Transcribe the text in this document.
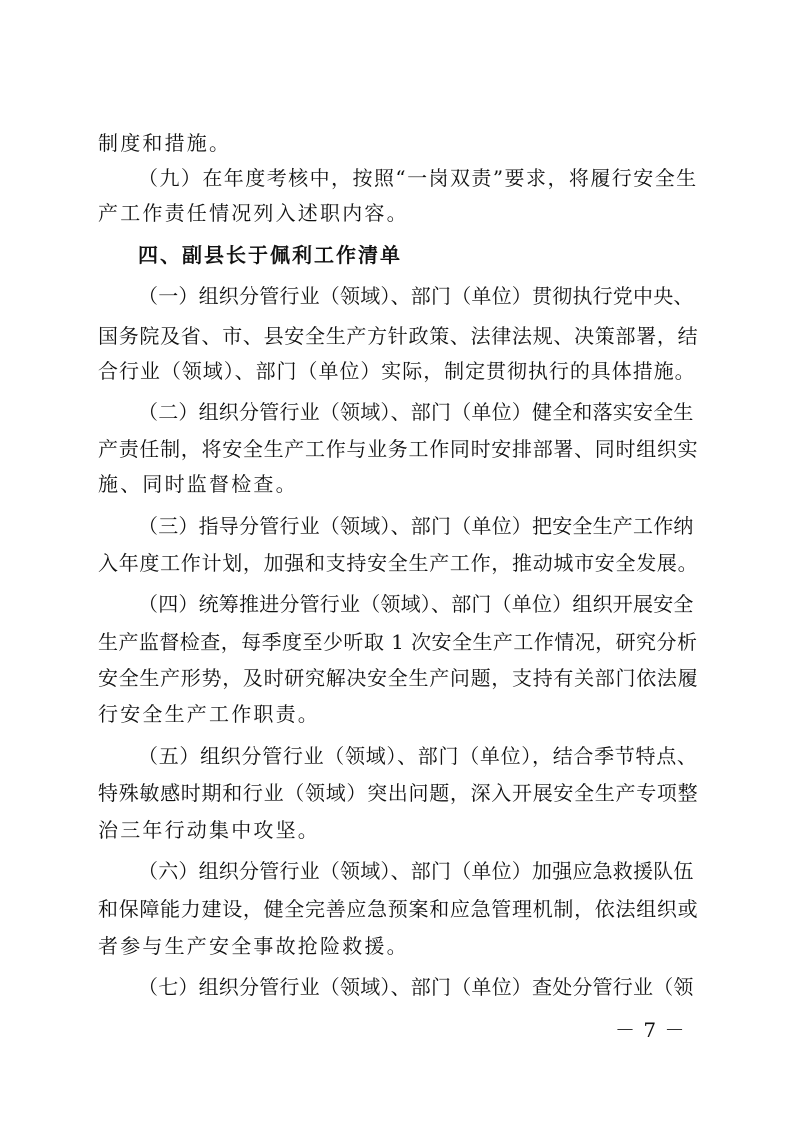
制度和措施。
（九）在年度考核中，按照“一岗双责”要求，将履行安全生
产工作责任情况列入述职内容。
四、副县长于佩利工作清单
（一）组织分管行业（领域）、部门（单位）贯彻执行党中央、
国务院及省、市、县安全生产方针政策、法律法规、决策部署，结
合行业（领域）、部门（单位）实际，制定贯彻执行的具体措施。
（二）组织分管行业（领域）、部门（单位）健全和落实安全生
产责任制，将安全生产工作与业务工作同时安排部署、同时组织实
施、同时监督检查。
（三）指导分管行业（领域）、部门（单位）把安全生产工作纳
入年度工作计划，加强和支持安全生产工作，推动城市安全发展。
（四）统筹推进分管行业（领域）、部门（单位）组织开展安全
生产监督检查，每季度至少听取 1 次安全生产工作情况，研究分析
安全生产形势，及时研究解决安全生产问题，支持有关部门依法履
行安全生产工作职责。
（五）组织分管行业（领域）、部门（单位），结合季节特点、
特殊敏感时期和行业（领域）突出问题，深入开展安全生产专项整
治三年行动集中攻坚。
（六）组织分管行业（领域）、部门（单位）加强应急救援队伍
和保障能力建设，健全完善应急预案和应急管理机制，依法组织或
者参与生产安全事故抢险救援。
（七）组织分管行业（领域）、部门（单位）查处分管行业（领
－ 7 －
